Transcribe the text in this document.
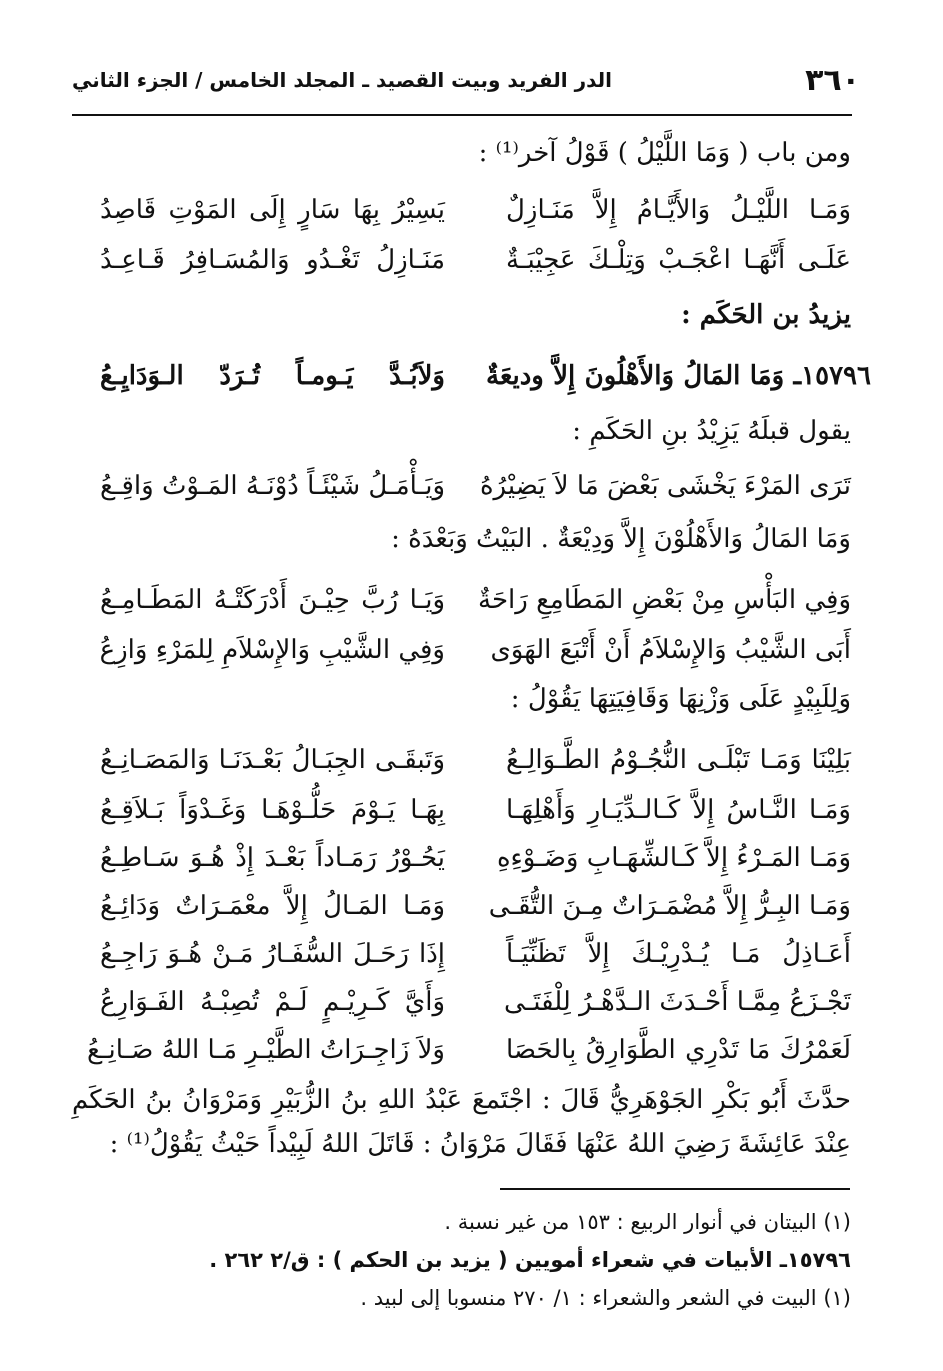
٣٦٠
الدر الفريد وبيت القصيد ـ المجلد الخامس / الجزء الثاني
ومن باب ( وَمَا اللَّيْلُ ) قَوْلُ آخر⁽¹⁾ :
وَمَـا اللَّيْـلُ وَالأَيَّـامُ إِلاَّ مَنَـازِلٌ
يَسِيْرُ بِهَا سَارٍ إِلَى المَوْتِ قَاصِدُ
عَلَـى أَنَّهَـا اعْجَـبْ وَتِلْـكَ عَجِيْبَـةٌ
مَنَـازِلُ تَغْـدُو وَالمُسَـافِرُ قَـاعِـدُ
يزيدُ بن الحَكَم :
١٥٧٩٦ـ وَمَا المَالُ وَالأَهْلُونَ إِلاَّ وديعَةٌ
وَلاَبُـدَّ يَـومـاً تُـرَدّ الـوَدَايِـعُ
يقول قبلَهُ يَزِيْدُ بنِ الحَكَمِ :
تَرَى المَرْءَ يَخْشَى بَعْضَ مَا لاَ يَضِيْرُهُ
وَيَـأْمَـلُ شَيْئَـاً دُوْنَـهُ المَـوْتُ وَاقِـعُ
وَمَا المَالُ وَالأَهْلُوْنَ إِلاَّ وَدِيْعَةٌ . البَيْتُ وَبَعْدَهُ :
وَفِي البَأْسِ مِنْ بَعْضِ المَطَامِعِ رَاحَةٌ
وَيَـا رُبَّ حِيْـنَ أَدْرَكَتْـهُ المَطَـامِـعُ
أَبَى الشَّيْبُ وَالإِسْلاَمُ أَنْ أَتْبَعَ الهَوَى
وَفِي الشَّيْبِ وَالإِسْلاَمِ لِلمَرْءِ وَازِعُ
وَلِلَبِيْدٍ عَلَى وَزْنِهَا وَقَافِيَتِهَا يَقُوْلُ :
بَلِيْنَا وَمَـا تَبْلَـى النُّجُـوْمُ الطَّـوَالِـعُ
وَتَبقَـى الجِبَـالُ بَعْـدَنَـا وَالمَصَـانِـعُ
وَمَـا النَّـاسُ إِلاَّ كَـالـدِّيَـارِ وَأَهْلِهَـا
بِهَـا يَـوْمَ حَلُّـوْهَـا وَغَـدْوَاً بَـلاَقِـعُ
وَمَـا المَـرْءُ إِلاَّ كَـالشِّهَـابِ وَضَـوْءِهِ
يَحُـوْرُ رَمَـاداً بَعْـدَ إِذْ هُـوَ سَـاطِـعُ
وَمَـا البِـرُّ إِلاَّ مُضْمَـرَاتٌ مِـنَ التُّقَـى
وَمَـا المَـالُ إِلاَّ معْمَـرَاتٌ وَدَائِـعُ
أَعَـاذِلُ مَـا يُـدْرِيْـكَ إِلاَّ تَظَنِّيَـاً
إِذَا رَحَـلَ السُّفَـارُ مَـنْ هُـوَ رَاجِـعُ
تَجْـزَعُ مِمَّـا أَحْـدَثَ الـدَّهْـرُ لِلْفَتَـى
وَأَيَّ كَـرِيْـمٍ لَـمْ تُصِبْـهُ الفَـوَارِعُ
لَعَمْرُكَ مَا تَدْرِي الطَّوَارِقُ بِالحَصَا
وَلاَ زَاجِـرَاتُ الطَّيْـرِ مَـا اللهُ صَـانِـعُ
حدَّثَ أَبُو بَكْرِ الجَوْهَرِيُّ قَالَ : اجْتَمعَ عَبْدُ اللهِ بنُ الزُّبَيْرِ وَمَرْوَانُ بنُ الحَكَمِ عِنْدَ عَائِشَةَ رَضِيَ اللهُ عَنْهَا فَقَالَ مَرْوَانُ : قَاتَلَ اللهُ لَبِيْداً حَيْثُ يَقُوْلُ⁽¹⁾ :
(١) البيتان في أنوار الربيع : ١٥٣ من غير نسبة .
١٥٧٩٦ـ الأبيات في شعراء أمويين ( يزيد بن الحكم ) : ق/٢ ٢٦٢ .
(١) البيت في الشعر والشعراء : ١/ ٢٧٠ منسوبا إلى لبيد .
